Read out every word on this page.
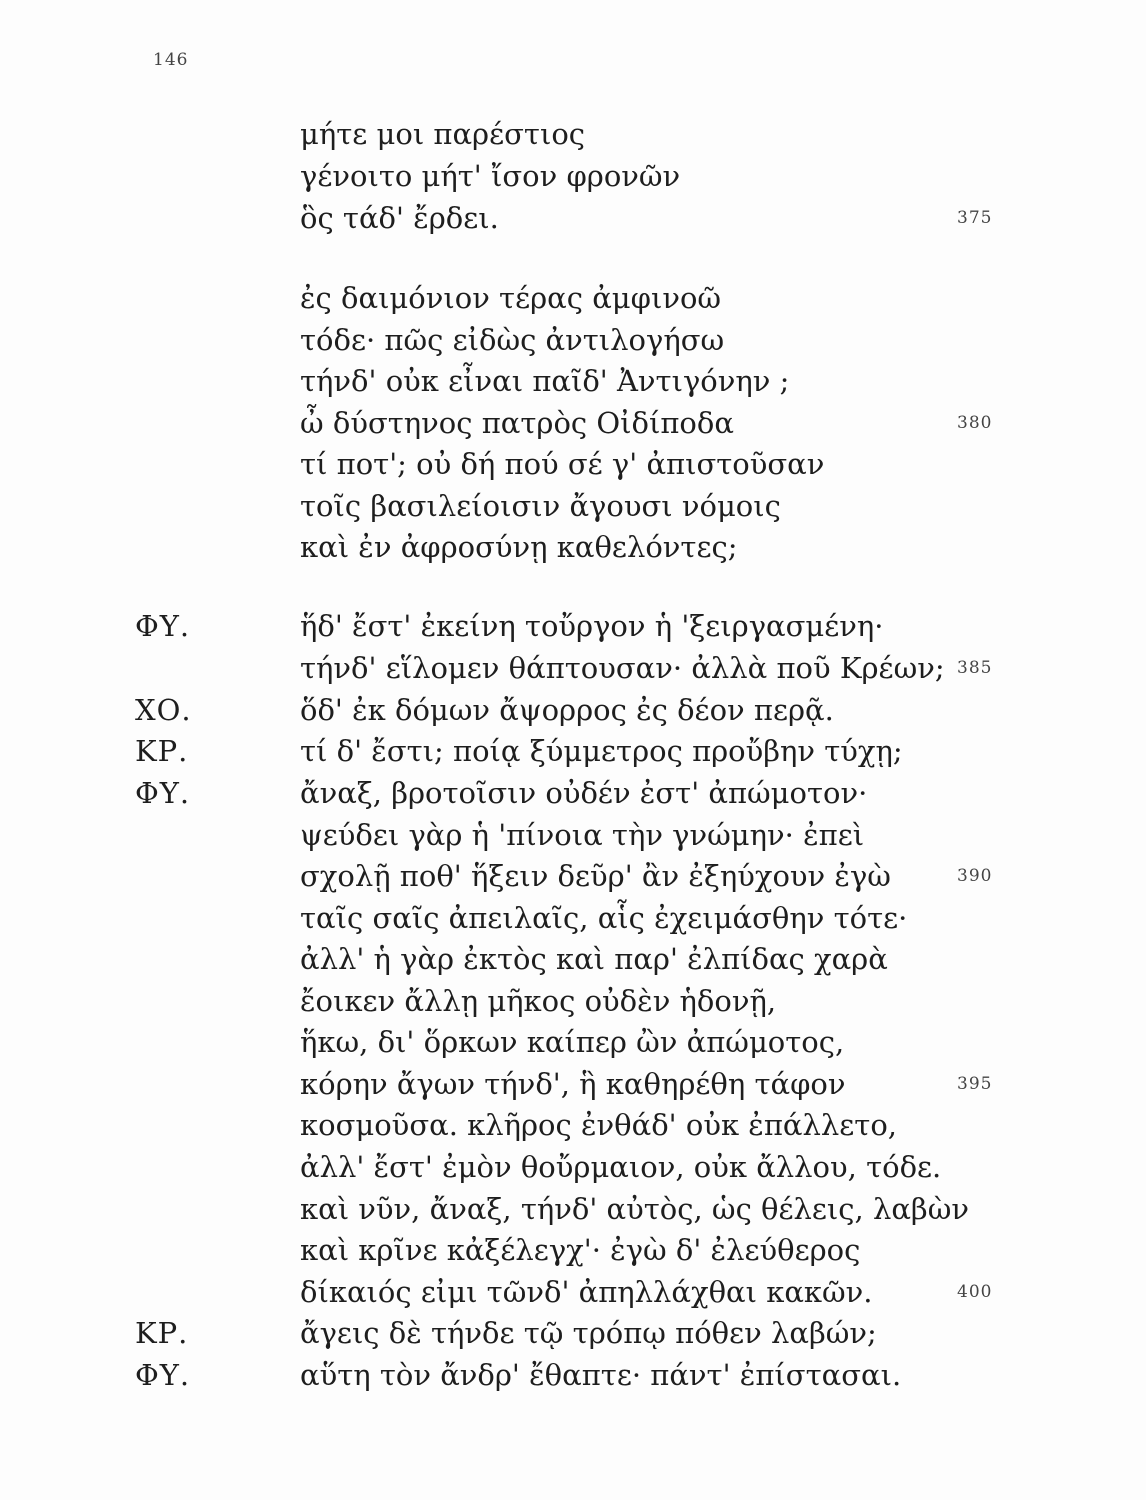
146
μήτε μοι παρέστιος
γένοιτο μήτ' ἴσον φρονῶν
ὃς τάδ' ἔρδει.	375
ἐς δαιμόνιον τέρας ἀμφινοῶ
τόδε· πῶς εἰδὼς ἀντιλογήσω
τήνδ' οὐκ εἶναι παῖδ' Ἀντιγόνην ;
ὦ δύστηνος πατρὸς Οἰδίποδα	380
τί ποτ'; οὐ δή πού σέ γ' ἀπιστοῦσαν
τοῖς βασιλείοισιν ἄγουσι νόμοις
καὶ ἐν ἀφροσύνῃ καθελόντες;
ΦΥ.	ἥδ' ἔστ' ἐκείνη τοὔργον ἡ 'ξειργασμένη·
τήνδ' εἵλομεν θάπτουσαν· ἀλλὰ ποῦ Κρέων; 385
ΧΟ.	ὅδ' ἐκ δόμων ἄψορρος ἐς δέον περᾷ.
ΚΡ.	τί δ' ἔστι; ποίᾳ ξύμμετρος προὔβην τύχῃ;
ΦΥ.	ἄναξ, βροτοῖσιν οὐδέν ἐστ' ἀπώμοτον·
ψεύδει γὰρ ἡ 'πίνοια τὴν γνώμην· ἐπεὶ
σχολῇ ποθ' ἥξειν δεῦρ' ἂν ἐξηύχουν ἐγὼ	390
ταῖς σαῖς ἀπειλαῖς, αἷς ἐχειμάσθην τότε·
ἀλλ' ἡ γὰρ ἐκτὸς καὶ παρ' ἐλπίδας χαρὰ
ἔοικεν ἄλλῃ μῆκος οὐδὲν ἡδονῇ,
ἥκω, δι' ὅρκων καίπερ ὢν ἀπώμοτος,
κόρην ἄγων τήνδ', ἣ καθηρέθη τάφον	395
κοσμοῦσα. κλῆρος ἐνθάδ' οὐκ ἐπάλλετο,
ἀλλ' ἔστ' ἐμὸν θοὔρμαιον, οὐκ ἄλλου, τόδε.
καὶ νῦν, ἄναξ, τήνδ' αὐτὸς, ὡς θέλεις, λαβὼν
καὶ κρῖνε κἀξέλεγχ'· ἐγὼ δ' ἐλεύθερος
δίκαιός εἰμι τῶνδ' ἀπηλλάχθαι κακῶν.	400
ΚΡ.	ἄγεις δὲ τήνδε τῷ τρόπῳ πόθεν λαβών;
ΦΥ.	αὕτη τὸν ἄνδρ' ἔθαπτε· πάντ' ἐπίστασαι.
